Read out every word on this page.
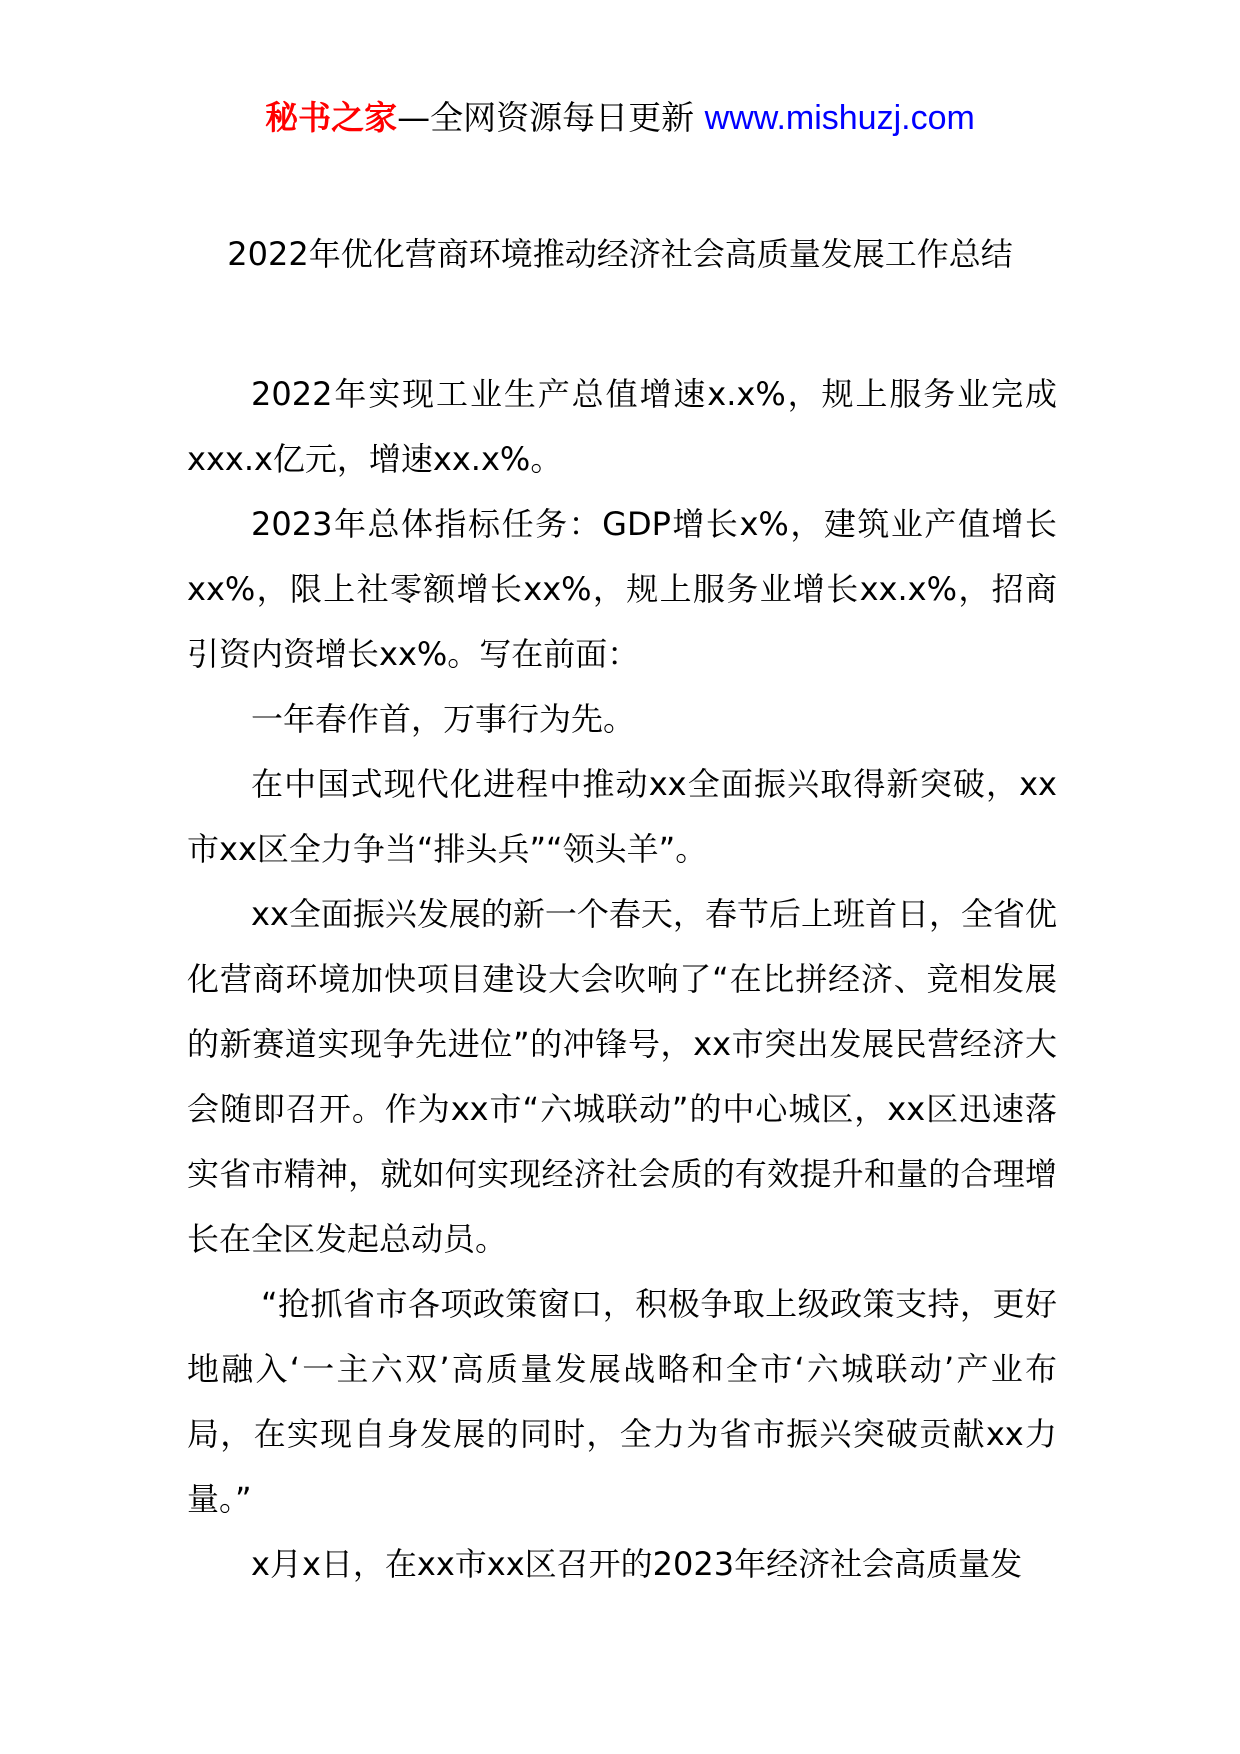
秘书之家—全网资源每日更新 www.mishuzj.com
2022年优化营商环境推动经济社会高质量发展工作总结

2022年实现工业生产总值增速x.x%，规上服务业完成xxx.x亿元，增速xx.x%。

2023年总体指标任务：GDP增长x%，建筑业产值增长xx%，限上社零额增长xx%，规上服务业增长xx.x%，招商引资内资增长xx%。写在前面：

一年春作首，万事行为先。

在中国式现代化进程中推动xx全面振兴取得新突破，xx市xx区全力争当“排头兵”“领头羊”。

xx全面振兴发展的新一个春天，春节后上班首日，全省优化营商环境加快项目建设大会吹响了“在比拼经济、竞相发展的新赛道实现争先进位”的冲锋号，xx市突出发展民营经济大会随即召开。作为xx市“六城联动”的中心城区，xx区迅速落实省市精神，就如何实现经济社会质的有效提升和量的合理增长在全区发起总动员。

“抢抓省市各项政策窗口，积极争取上级政策支持，更好地融入‘一主六双’高质量发展战略和全市‘六城联动’产业布局，在实现自身发展的同时，全力为省市振兴突破贡献xx力量。”

x月x日，在xx市xx区召开的2023年经济社会高质量发
